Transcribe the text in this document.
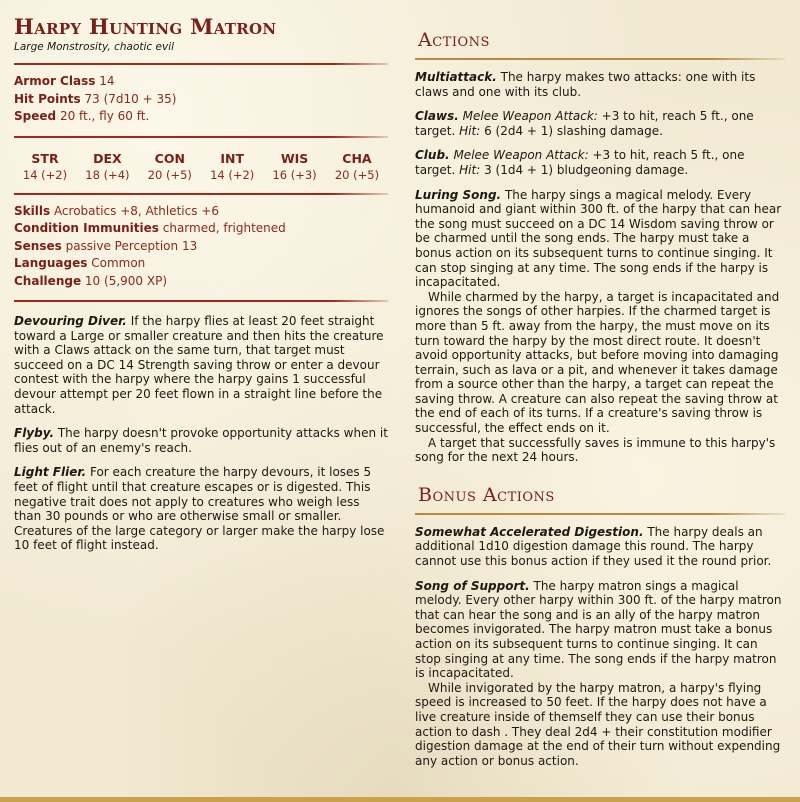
Harpy Hunting Matron
Large Monstrosity, chaotic evil
Armor Class 14
Hit Points 73 (7d10 + 35)
Speed 20 ft., fly 60 ft.
STR
14 (+2)
DEX
18 (+4)
CON
20 (+5)
INT
14 (+2)
WIS
16 (+3)
CHA
20 (+5)
Skills Acrobatics +8, Athletics +6
Condition Immunities charmed, frightened
Senses passive Perception 13
Languages Common
Challenge 10 (5,900 XP)

Devouring Diver. If the harpy flies at least 20 feet straight toward a Large or smaller creature and then hits the creature with a Claws attack on the same turn, that target must succeed on a DC 14 Strength saving throw or enter a devour contest with the harpy where the harpy gains 1 successful devour attempt per 20 feet flown in a straight line before the attack.

Flyby. The harpy doesn't provoke opportunity attacks when it flies out of an enemy's reach.

Light Flier. For each creature the harpy devours, it loses 5 feet of flight until that creature escapes or is digested. This negative trait does not apply to creatures who weigh less than 30 pounds or who are otherwise small or smaller. Creatures of the large category or larger make the harpy lose 10 feet of flight instead.

Actions

Multiattack. The harpy makes two attacks: one with its claws and one with its club.

Claws. Melee Weapon Attack: +3 to hit, reach 5 ft., one target. Hit: 6 (2d4 + 1) slashing damage.

Club. Melee Weapon Attack: +3 to hit, reach 5 ft., one target. Hit: 3 (1d4 + 1) bludgeoning damage.

Luring Song. The harpy sings a magical melody. Every humanoid and giant within 300 ft. of the harpy that can hear the song must succeed on a DC 14 Wisdom saving throw or be charmed until the song ends. The harpy must take a bonus action on its subsequent turns to continue singing. It can stop singing at any time. The song ends if the harpy is incapacitated.

While charmed by the harpy, a target is incapacitated and ignores the songs of other harpies. If the charmed target is more than 5 ft. away from the harpy, the must move on its turn toward the harpy by the most direct route. It doesn't avoid opportunity attacks, but before moving into damaging terrain, such as lava or a pit, and whenever it takes damage from a source other than the harpy, a target can repeat the saving throw. A creature can also repeat the saving throw at the end of each of its turns. If a creature's saving throw is successful, the effect ends on it.

A target that successfully saves is immune to this harpy's song for the next 24 hours.

Bonus Actions

Somewhat Accelerated Digestion. The harpy deals an additional 1d10 digestion damage this round. The harpy cannot use this bonus action if they used it the round prior.

Song of Support. The harpy matron sings a magical melody. Every other harpy within 300 ft. of the harpy matron that can hear the song and is an ally of the harpy matron becomes invigorated. The harpy matron must take a bonus action on its subsequent turns to continue singing. It can stop singing at any time. The song ends if the harpy matron is incapacitated.

While invigorated by the harpy matron, a harpy's flying speed is increased to 50 feet. If the harpy does not have a live creature inside of themself they can use their bonus action to dash . They deal 2d4 + their constitution modifier digestion damage at the end of their turn without expending any action or bonus action.
